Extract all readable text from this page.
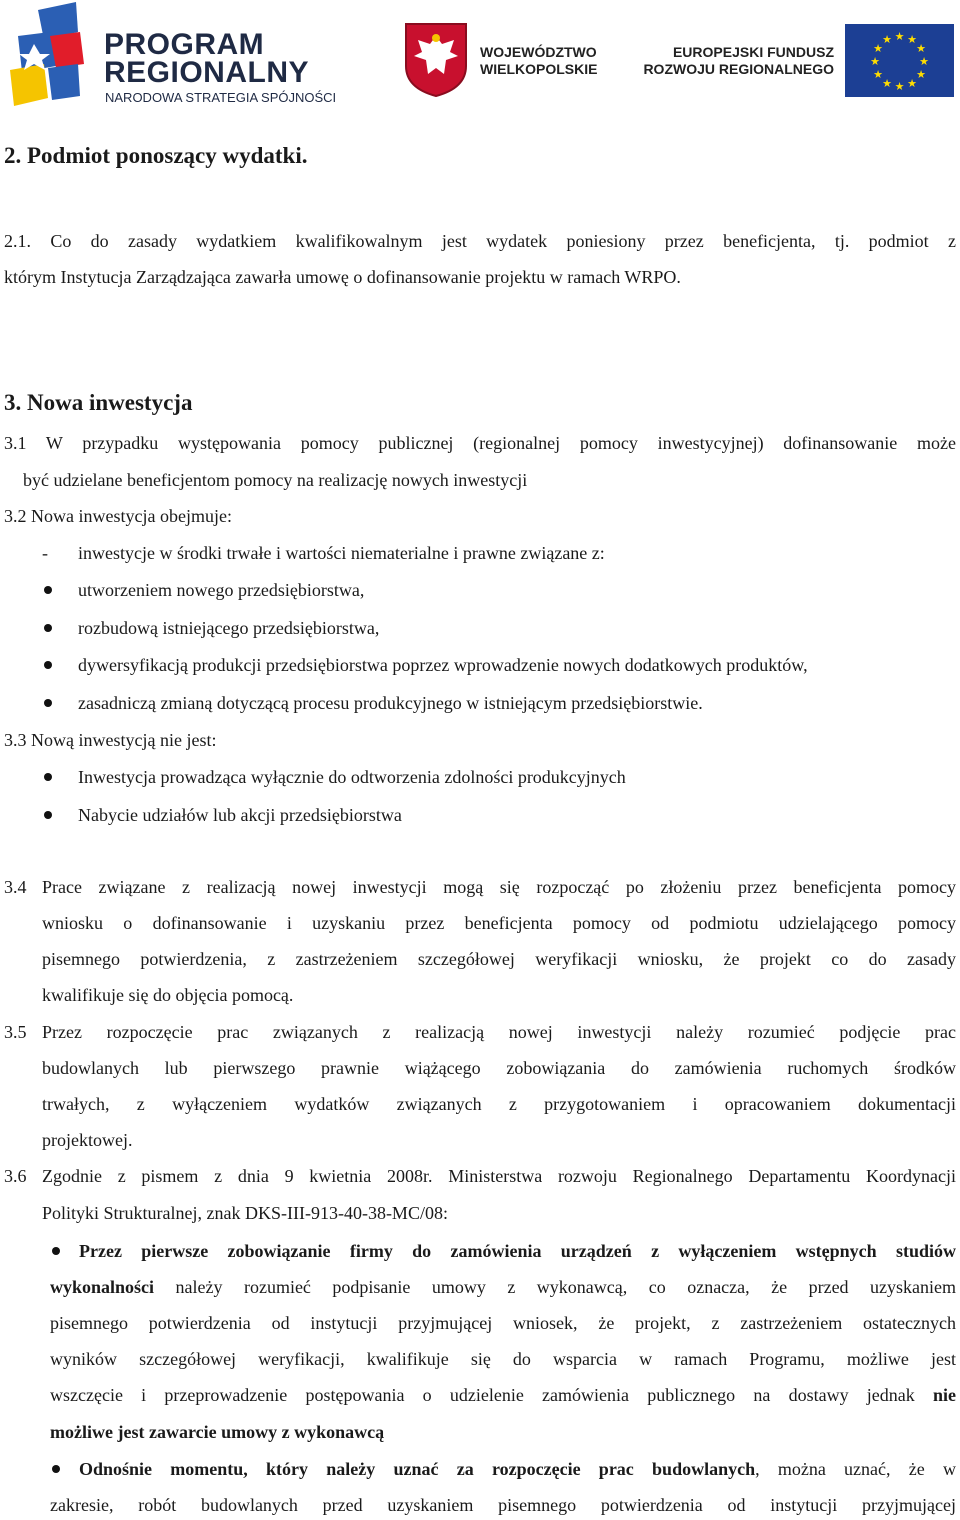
PROGRAM
REGIONALNY
NARODOWA STRATEGIA SPÓJNOŚCI
WOJEWÓDZTWO
WIELKOPOLSKIE
EUROPEJSKI FUNDUSZ
ROZWOJU REGIONALNEGO
★ ★
★
★
★
★
★
★
★
★
★
★
2. Podmiot ponoszący wydatki.
2.1. Co do zasady wydatkiem kwalifikowalnym jest wydatek poniesiony przez beneficjenta, tj. podmiot z
którym Instytucja Zarządzająca zawarła umowę o dofinansowanie projektu w ramach WRPO.
3. Nowa inwestycja
3.1 W przypadku występowania pomocy publicznej (regionalnej pomocy inwestycyjnej) dofinansowanie może
być udzielane beneficjentom pomocy na realizację nowych inwestycji
3.2 Nowa inwestycja obejmuje:
- inwestycje w środki trwałe i wartości niematerialne i prawne związane z:
utworzeniem nowego przedsiębiorstwa,
rozbudową istniejącego przedsiębiorstwa,
dywersyfikacją produkcji przedsiębiorstwa poprzez wprowadzenie nowych dodatkowych produktów,
zasadniczą zmianą dotyczącą procesu produkcyjnego w istniejącym przedsiębiorstwie.
3.3 Nową inwestycją nie jest:
Inwestycja prowadząca wyłącznie do odtworzenia zdolności produkcyjnych
Nabycie udziałów lub akcji przedsiębiorstwa
3.4 Prace związane z realizacją nowej inwestycji mogą się rozpocząć po złożeniu przez beneficjenta pomocy
wniosku o dofinansowanie i uzyskaniu przez beneficjenta pomocy od podmiotu udzielającego pomocy
pisemnego potwierdzenia, z zastrzeżeniem szczegółowej weryfikacji wniosku, że projekt co do zasady
kwalifikuje się do objęcia pomocą.
3.5 Przez rozpoczęcie prac związanych z realizacją nowej inwestycji należy rozumieć podjęcie prac
budowlanych lub pierwszego prawnie wiążącego zobowiązania do zamówienia ruchomych środków
trwałych, z wyłączeniem wydatków związanych z przygotowaniem i opracowaniem dokumentacji
projektowej.
3.6 Zgodnie z pismem z dnia 9 kwietnia 2008r. Ministerstwa rozwoju Regionalnego Departamentu Koordynacji
Polityki Strukturalnej, znak DKS-III-913-40-38-MC/08:
Przez pierwsze zobowiązanie firmy do zamówienia urządzeń z wyłączeniem wstępnych studiów
wykonalności należy rozumieć podpisanie umowy z wykonawcą, co oznacza, że przed uzyskaniem
pisemnego potwierdzenia od instytucji przyjmującej wniosek, że projekt, z zastrzeżeniem ostatecznych
wyników szczegółowej weryfikacji, kwalifikuje się do wsparcia w ramach Programu, możliwe jest
wszczęcie i przeprowadzenie postępowania o udzielenie zamówienia publicznego na dostawy jednak nie
możliwe jest zawarcie umowy z wykonawcą
Odnośnie momentu, który należy uznać za rozpoczęcie prac budowlanych, można uznać, że w
zakresie, robót budowlanych przed uzyskaniem pisemnego potwierdzenia od instytucji przyjmującej
